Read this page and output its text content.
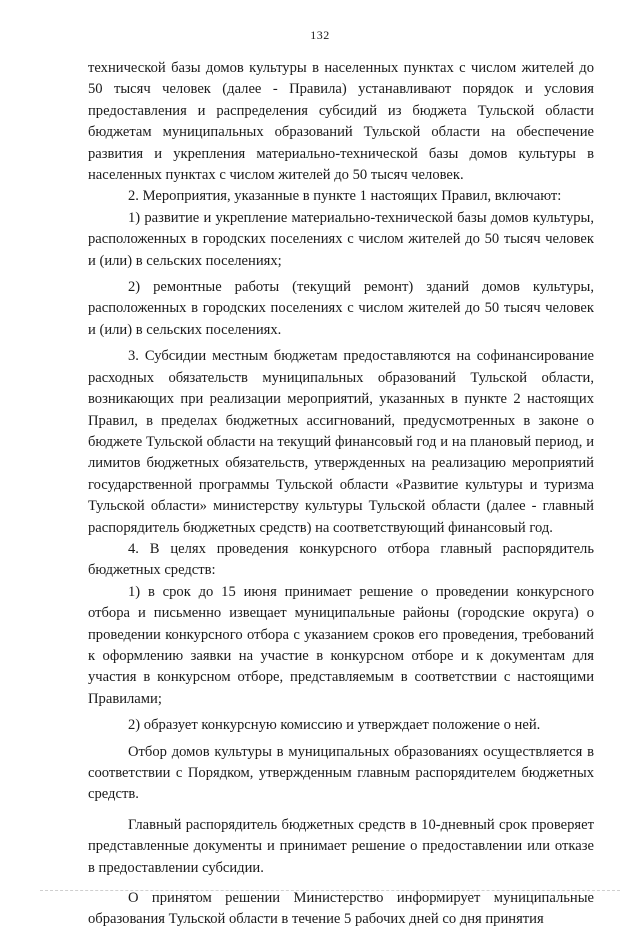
132

технической базы домов культуры в населенных пунктах с числом жителей до 50 тысяч человек (далее - Правила) устанавливают порядок и условия предоставления и распределения субсидий из бюджета Тульской области бюджетам муниципальных образований Тульской области на обеспечение развития и укрепления материально-технической базы домов культуры в населенных пунктах с числом жителей до 50 тысяч человек.

2. Мероприятия, указанные в пункте 1 настоящих Правил, включают:

1) развитие и укрепление материально-технической базы домов культуры, расположенных в городских поселениях с числом жителей до 50 тысяч человек и (или) в сельских поселениях;

2) ремонтные работы (текущий ремонт) зданий домов культуры, расположенных в городских поселениях с числом жителей до 50 тысяч человек и (или) в сельских поселениях.

3. Субсидии местным бюджетам предоставляются на софинансирование расходных обязательств муниципальных образований Тульской области, возникающих при реализации мероприятий, указанных в пункте 2 настоящих Правил, в пределах бюджетных ассигнований, предусмотренных в законе о бюджете Тульской области на текущий финансовый год и на плановый период, и лимитов бюджетных обязательств, утвержденных на реализацию мероприятий государственной программы Тульской области «Развитие культуры и туризма Тульской области» министерству культуры Тульской области (далее - главный распорядитель бюджетных средств) на соответствующий финансовый год.

4. В целях проведения конкурсного отбора главный распорядитель бюджетных средств:

1) в срок до 15 июня принимает решение о проведении конкурсного отбора и письменно извещает муниципальные районы (городские округа) о проведении конкурсного отбора с указанием сроков его проведения, требований к оформлению заявки на участие в конкурсном отборе и к документам для участия в конкурсном отборе, представляемым в соответствии с настоящими Правилами;

2) образует конкурсную комиссию и утверждает положение о ней.

Отбор домов культуры в муниципальных образованиях осуществляется в соответствии с Порядком, утвержденным главным распорядителем бюджетных средств.

Главный распорядитель бюджетных средств в 10-дневный срок проверяет представленные документы и принимает решение о предоставлении или отказе в предоставлении субсидии.

О принятом решении Министерство информирует муниципальные образования Тульской области в течение 5 рабочих дней со дня принятия
